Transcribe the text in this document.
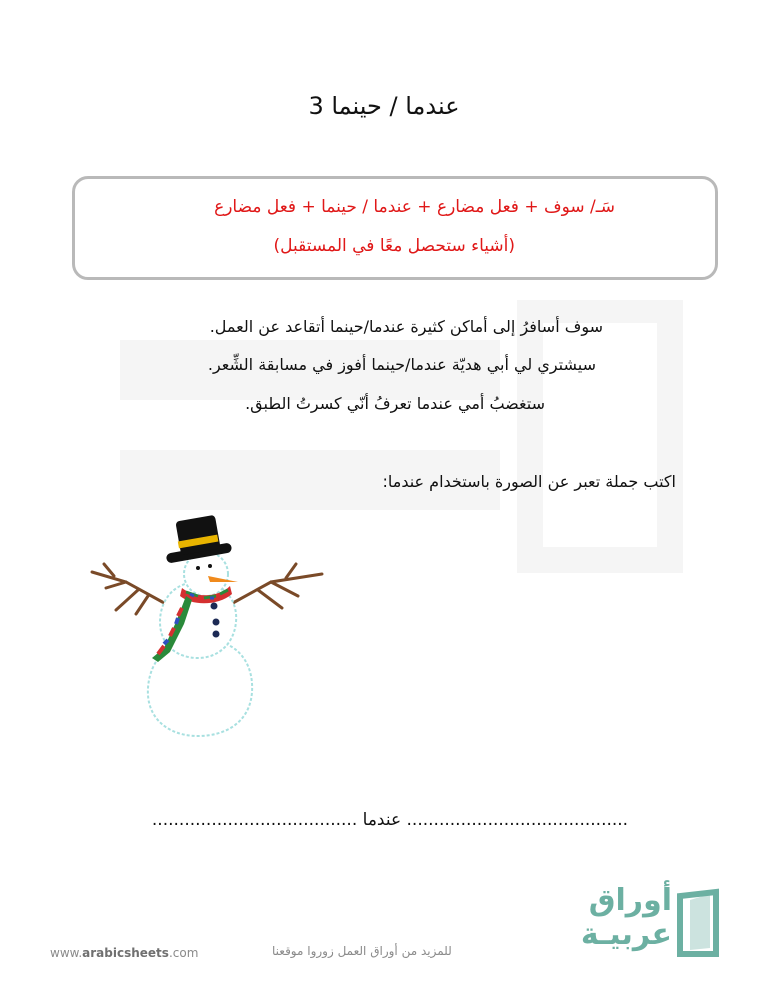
عندما / حينما 3
سَـ/ سوف + فعل مضارع + عندما / حينما + فعل مضارع
(أشياء ستحصل معًا في المستقبل)
سوف أسافرُ إلى أماكن كثيرة عندما/حينما أتقاعد عن العمل.
سيشتري لي أبي هديّة عندما/حينما أفوز في مسابقة الشِّعر.
ستغضبُ أمي عندما تعرفُ أنّي كسرتُ الطبق.
اكتب جملة تعبر عن الصورة باستخدام عندما:
......................................... عندما ......................................
www.arabicsheets.com	للمزيد من أوراق العمل زوروا موقعنا
أوراق
عربيـة
